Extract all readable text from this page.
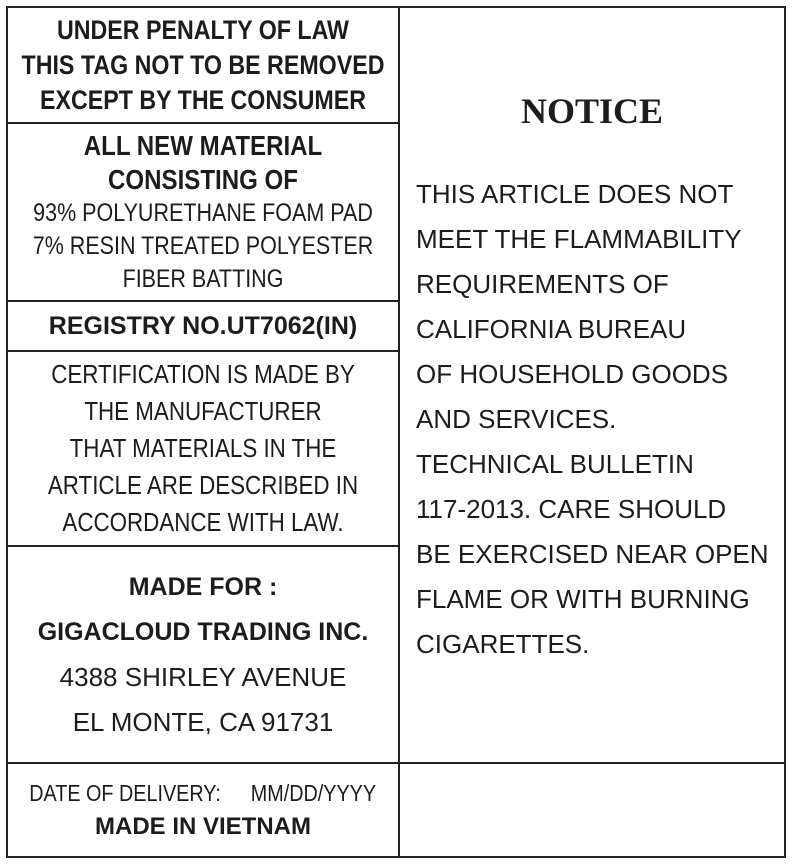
UNDER PENALTY OF LAW
THIS TAG NOT TO BE REMOVED
EXCEPT BY THE CONSUMER
ALL NEW MATERIAL
CONSISTING OF
93% POLYURETHANE FOAM PAD
7% RESIN TREATED POLYESTER
FIBER BATTING
REGISTRY NO.UT7062(IN)
CERTIFICATION IS MADE BY
THE MANUFACTURER
THAT MATERIALS IN THE
ARTICLE ARE DESCRIBED IN
ACCORDANCE WITH LAW.
MADE FOR :
GIGACLOUD TRADING INC.
4388 SHIRLEY AVENUE
EL MONTE, CA 91731
DATE OF DELIVERY: MM/DD/YYYY
MADE IN VIETNAM
NOTICE
THIS ARTICLE DOES NOT
MEET THE FLAMMABILITY
REQUIREMENTS OF
CALIFORNIA BUREAU
OF HOUSEHOLD GOODS
AND SERVICES.
TECHNICAL BULLETIN
117-2013. CARE SHOULD
BE EXERCISED NEAR OPEN
FLAME OR WITH BURNING
CIGARETTES.
